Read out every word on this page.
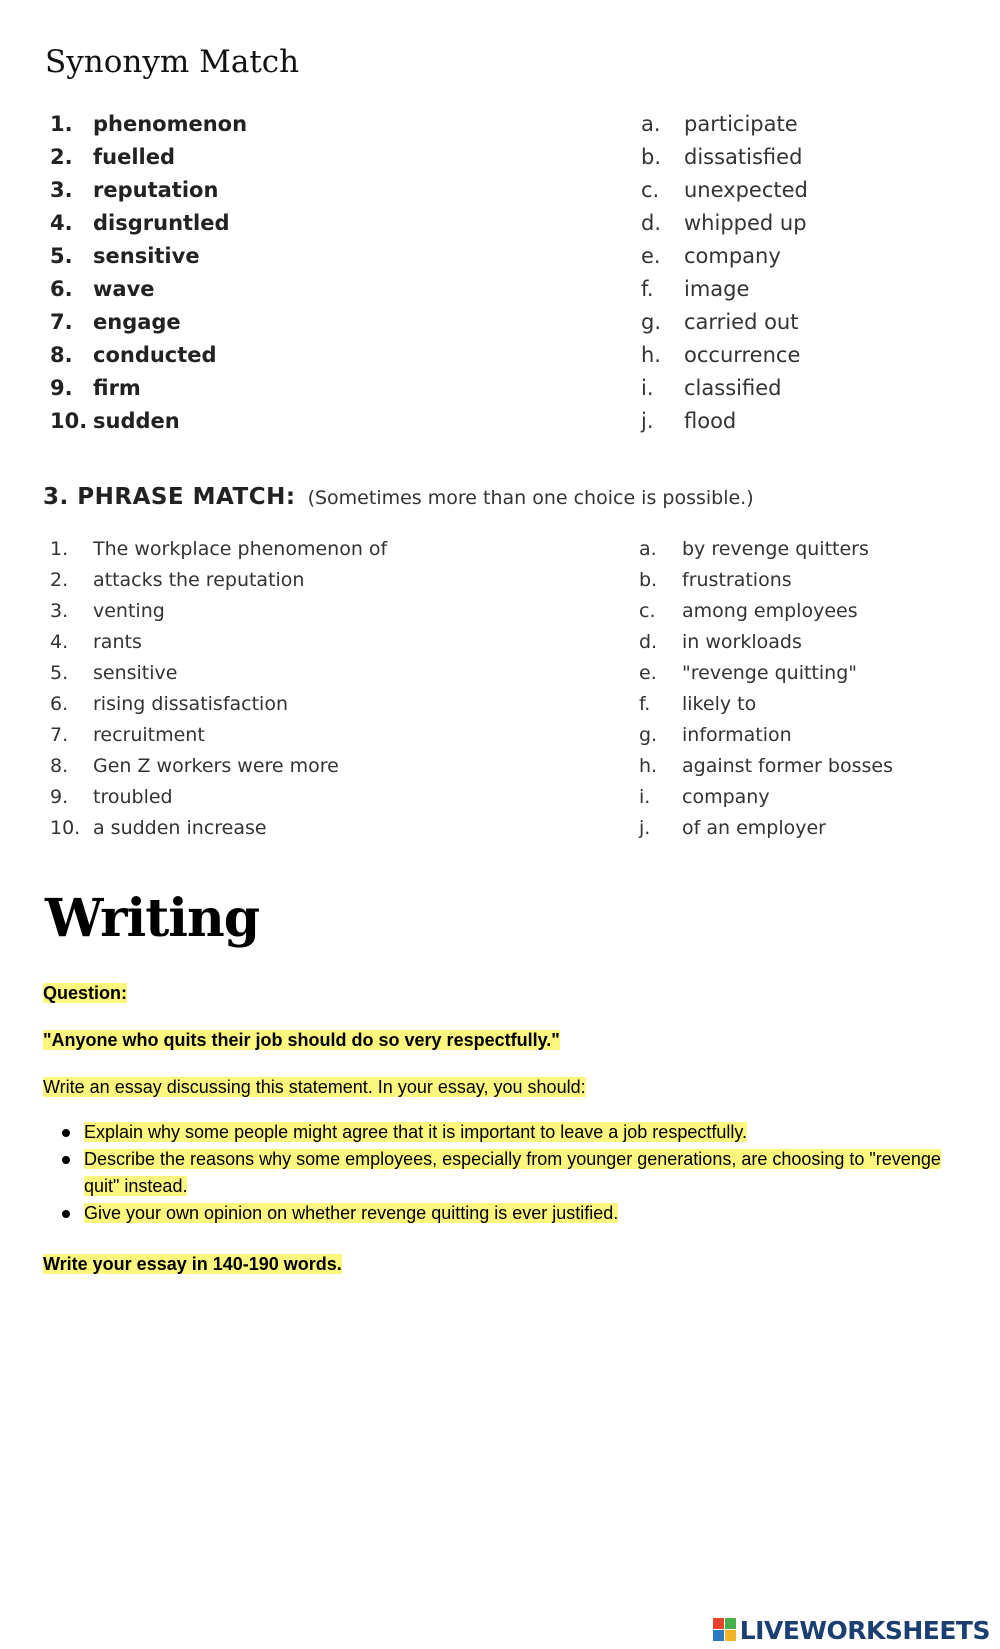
Synonym Match
1. phenomenon
2. fuelled
3. reputation
4. disgruntled
5. sensitive
6. wave
7. engage
8. conducted
9. firm
10. sudden
a. participate
b. dissatisfied
c. unexpected
d. whipped up
e. company
f. image
g. carried out
h. occurrence
i. classified
j. flood

3. PHRASE MATCH: (Sometimes more than one choice is possible.)

1. The workplace phenomenon of
2. attacks the reputation
3. venting
4. rants
5. sensitive
6. rising dissatisfaction
7. recruitment
8. Gen Z workers were more
9. troubled
10. a sudden increase
a. by revenge quitters
b. frustrations
c. among employees
d. in workloads
e. "revenge quitting"
f. likely to
g. information
h. against former bosses
i. company
j. of an employer
Writing

Question:

"Anyone who quits their job should do so very respectfully."

Write an essay discussing this statement. In your essay, you should:

Explain why some people might agree that it is important to leave a job respectfully.
Describe the reasons why some employees, especially from younger generations, are choosing to "revenge quit" instead.
Give your own opinion on whether revenge quitting is ever justified.

Write your essay in 140-190 words.

LIVEWORKSHEETS
